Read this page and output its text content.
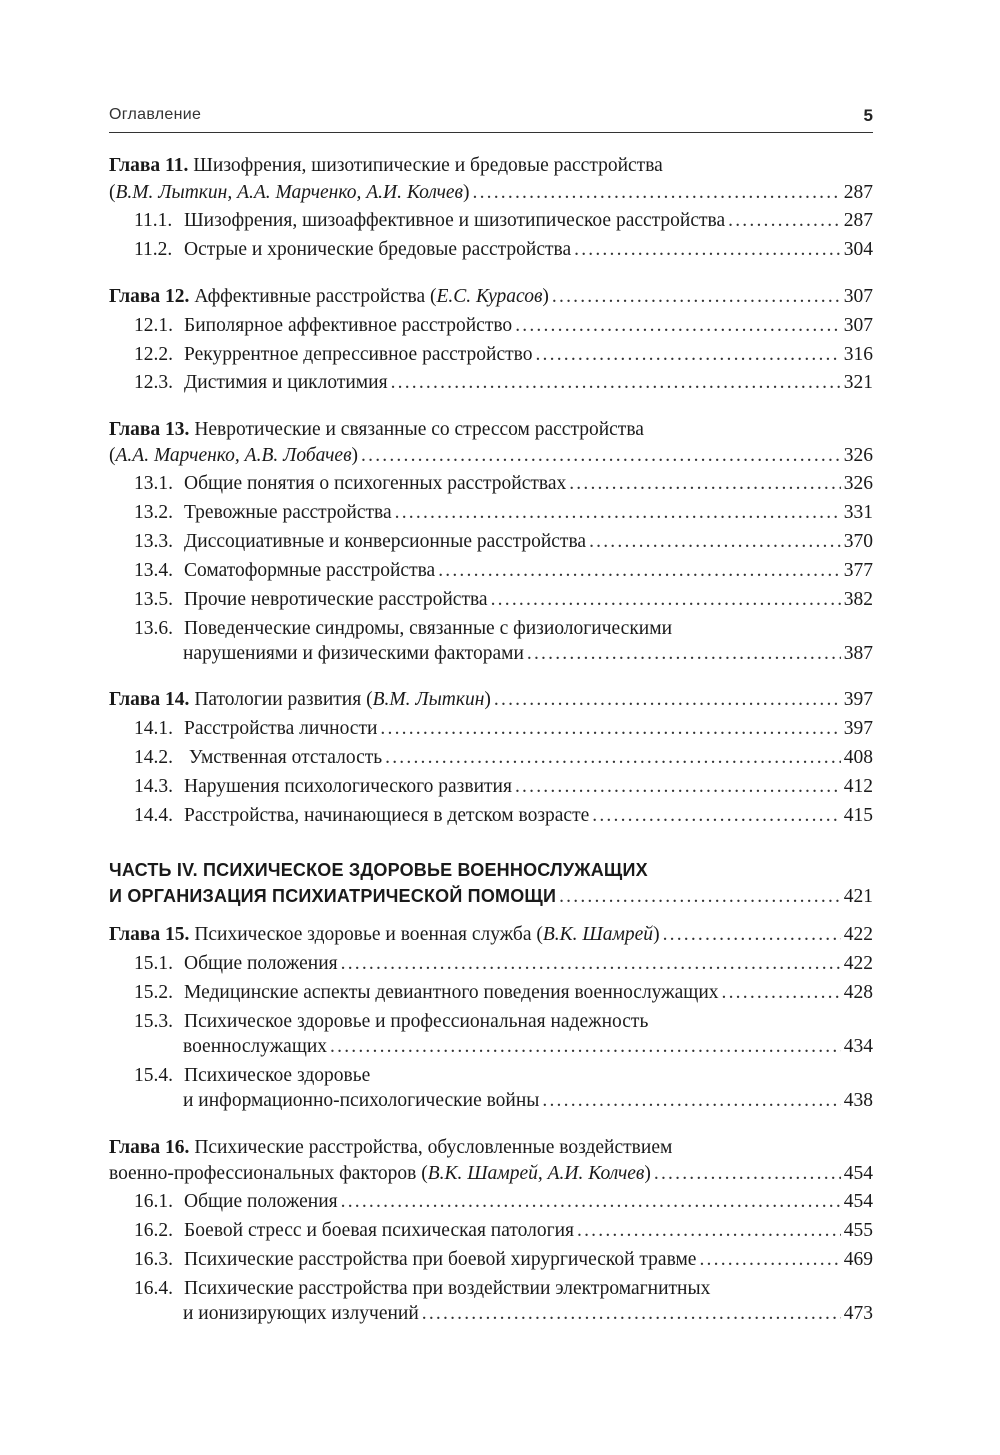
Оглавление	5
Глава 11. Шизофрения, шизотипические и бредовые расстройства
(В.М. Лыткин, А.А. Марченко, А.И. Колчев) .....	287
11.1. Шизофрения, шизоаффективное и шизотипическое расстройства .....	287
11.2. Острые и хронические бредовые расстройства .....	304
Глава 12. Аффективные расстройства (Е.С. Курасов) .....	307
12.1. Биполярное аффективное расстройство .....	307
12.2. Рекуррентное депрессивное расстройство .....	316
12.3. Дистимия и циклотимия .....	321
Глава 13. Невротические и связанные со стрессом расстройства
(А.А. Марченко, А.В. Лобачев) .....	326
13.1. Общие понятия о психогенных расстройствах .....	326
13.2. Тревожные расстройства .....	331
13.3. Диссоциативные и конверсионные расстройства .....	370
13.4. Соматоформные расстройства .....	377
13.5. Прочие невротические расстройства .....	382
13.6. Поведенческие синдромы, связанные с физиологическими
нарушениями и физическими факторами .....	387
Глава 14. Патологии развития (В.М. Лыткин) .....	397
14.1. Расстройства личности .....	397
14.2. Умственная отсталость .....	408
14.3. Нарушения психологического развития .....	412
14.4. Расстройства, начинающиеся в детском возрасте .....	415
ЧАСТЬ IV. ПСИХИЧЕСКОЕ ЗДОРОВЬЕ ВОЕННОСЛУЖАЩИХ
И ОРГАНИЗАЦИЯ ПСИХИАТРИЧЕСКОЙ ПОМОЩИ .....	421
Глава 15. Психическое здоровье и военная служба (В.К. Шамрей) .....	422
15.1. Общие положения .....	422
15.2. Медицинские аспекты девиантного поведения военнослужащих .....	428
15.3. Психическое здоровье и профессиональная надежность
военнослужащих .....	434
15.4. Психическое здоровье
и информационно-психологические войны .....	438
Глава 16. Психические расстройства, обусловленные воздействием
военно-профессиональных факторов (В.К. Шамрей, А.И. Колчев) .....	454
16.1. Общие положения .....	454
16.2. Боевой стресс и боевая психическая патология .....	455
16.3. Психические расстройства при боевой хирургической травме .....	469
16.4. Психические расстройства при воздействии электромагнитных
и ионизирующих излучений .....	473
